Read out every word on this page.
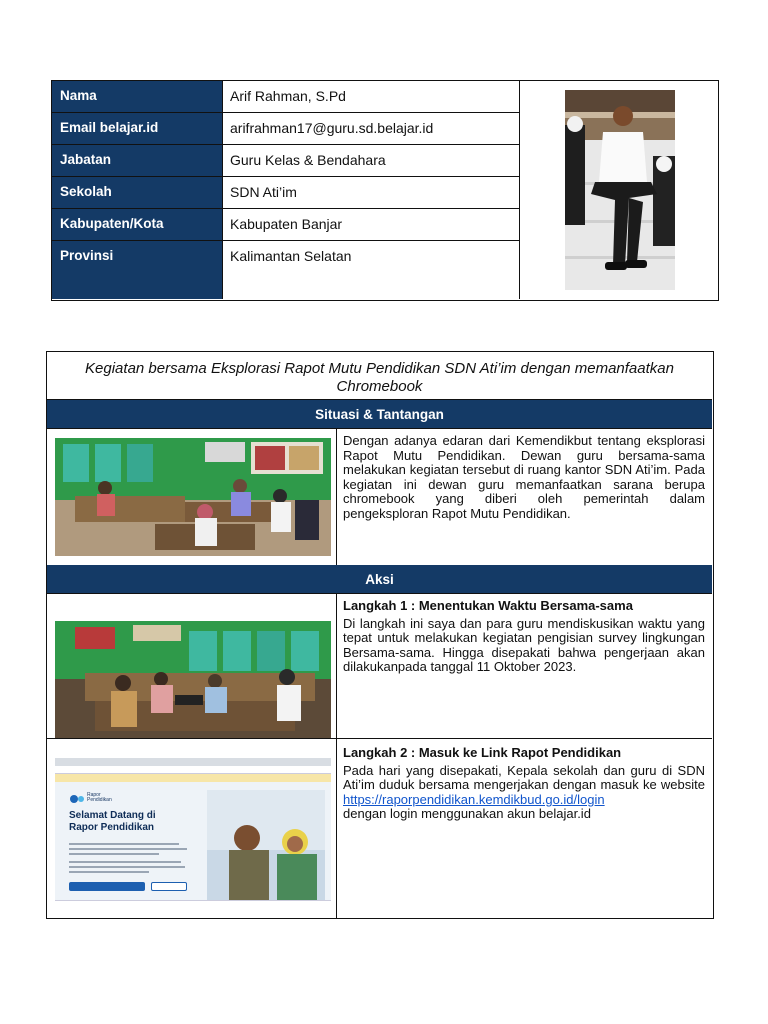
Nama	Arif Rahman, S.Pd
Email belajar.id	arifrahman17@guru.sd.belajar.id
Jabatan	Guru Kelas & Bendahara
Sekolah	SDN Ati’im
Kabupaten/Kota	Kabupaten Banjar
Provinsi	Kalimantan Selatan
Kegiatan bersama Eksplorasi Rapot Mutu Pendidikan SDN Ati’im dengan memanfaatkan Chromebook
Situasi & Tantangan

Dengan adanya edaran dari Kemendikbut tentang eksplorasi Rapot Mutu Pendidikan. Dewan guru bersama-sama melakukan kegiatan tersebut di ruang kantor SDN Ati’im. Pada kegiatan ini dewan guru memanfaatkan sarana berupa chromebook yang diberi oleh pemerintah dalam pengeksploran Rapot Mutu Pendidikan.

Aksi
Langkah 1 : Menentukan Waktu Bersama-sama

Di langkah ini saya dan para guru mendiskusikan waktu yang tepat untuk melakukan kegiatan pengisian survey lingkungan Bersama-sama. Hingga disepakati bahwa pengerjaan akan dilakukanpada tanggal 11 Oktober 2023.

Rapor Pendidikan
Selamat Datang di
Rapor Pendidikan
Langkah 2 : Masuk ke Link Rapot Pendidikan

Pada hari yang disepakati, Kepala sekolah dan guru di SDN Ati’im duduk bersama mengerjakan dengan masuk ke website https://raporpendidikan.kemdikbud.go.id/login

dengan login menggunakan akun belajar.id
